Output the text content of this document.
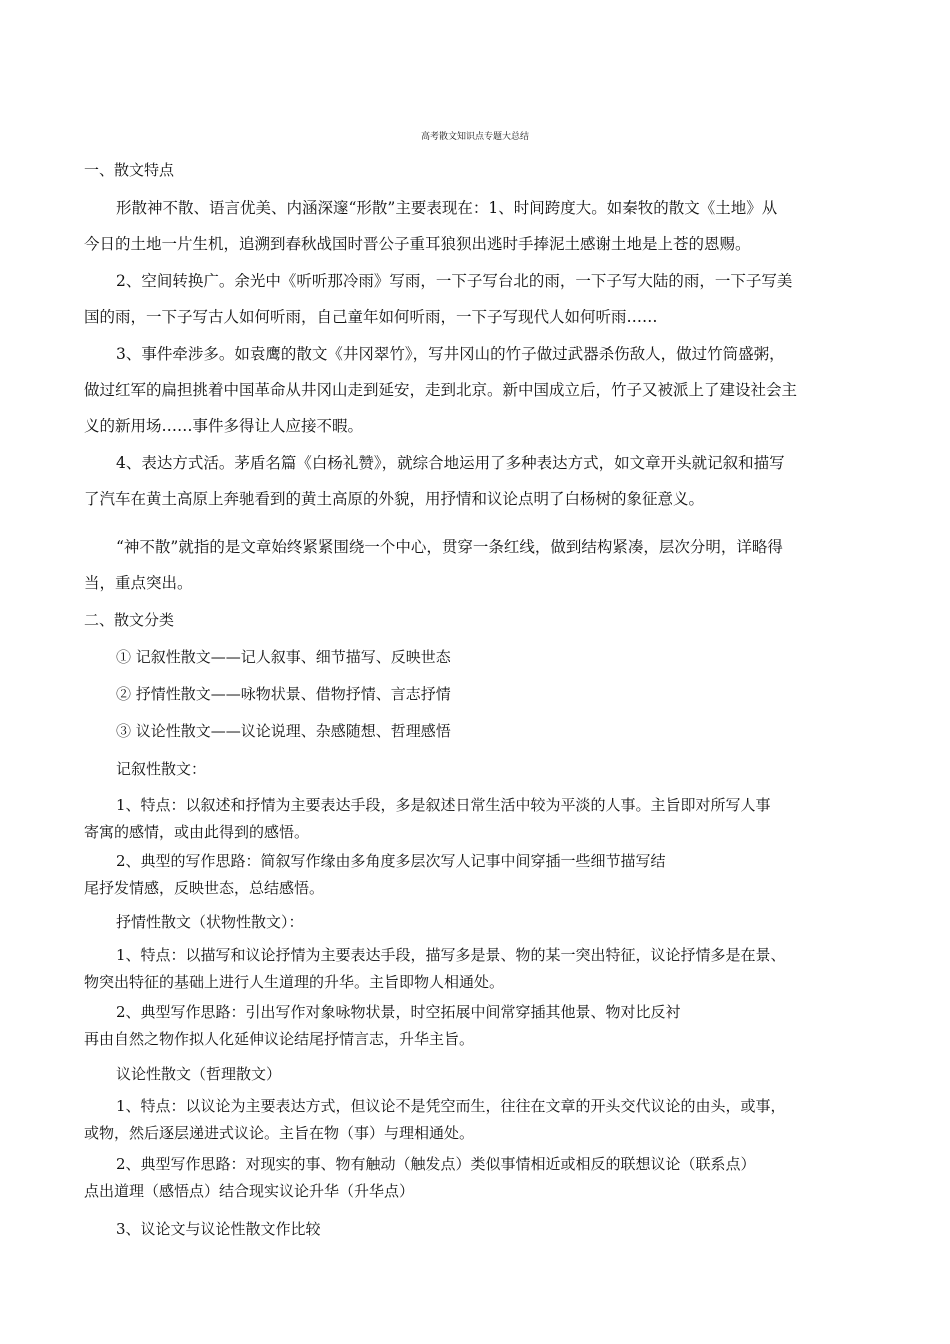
高考散文知识点专题大总结

一、散文特点

形散神不散、语言优美、内涵深邃“形散”主要表现在：1、时间跨度大。如秦牧的散文《土地》从

今日的土地一片生机，追溯到春秋战国时晋公子重耳狼狈出逃时手捧泥土感谢土地是上苍的恩赐。

2、空间转换广。余光中《听听那冷雨》写雨，一下子写台北的雨，一下子写大陆的雨，一下子写美

国的雨，一下子写古人如何听雨，自己童年如何听雨，一下子写现代人如何听雨……

3、事件牵涉多。如袁鹰的散文《井冈翠竹》，写井冈山的竹子做过武器杀伤敌人，做过竹筒盛粥，

做过红军的扁担挑着中国革命从井冈山走到延安，走到北京。新中国成立后，竹子又被派上了建设社会主

义的新用场……事件多得让人应接不暇。

4、表达方式活。茅盾名篇《白杨礼赞》，就综合地运用了多种表达方式，如文章开头就记叙和描写

了汽车在黄土高原上奔驰看到的黄土高原的外貌，用抒情和议论点明了白杨树的象征意义。

“神不散”就指的是文章始终紧紧围绕一个中心，贯穿一条红线，做到结构紧凑，层次分明，详略得

当，重点突出。

二、散文分类

① 记叙性散文——记人叙事、细节描写、反映世态

② 抒情性散文——咏物状景、借物抒情、言志抒情

③ 议论性散文——议论说理、杂感随想、哲理感悟

记叙性散文：

1、特点：以叙述和抒情为主要表达手段，多是叙述日常生活中较为平淡的人事。主旨即对所写人事

寄寓的感情，或由此得到的感悟。

2、典型的写作思路：简叙写作缘由多角度多层次写人记事中间穿插一些细节描写结

尾抒发情感，反映世态，总结感悟。

抒情性散文（状物性散文）：

1、特点：以描写和议论抒情为主要表达手段，描写多是景、物的某一突出特征，议论抒情多是在景、

物突出特征的基础上进行人生道理的升华。主旨即物人相通处。

2、典型写作思路：引出写作对象咏物状景，时空拓展中间常穿插其他景、物对比反衬

再由自然之物作拟人化延伸议论结尾抒情言志，升华主旨。

议论性散文（哲理散文）

1、特点：以议论为主要表达方式，但议论不是凭空而生，往往在文章的开头交代议论的由头，或事，

或物，然后逐层递进式议论。主旨在物（事）与理相通处。

2、典型写作思路：对现实的事、物有触动（触发点）类似事情相近或相反的联想议论（联系点）

点出道理（感悟点）结合现实议论升华（升华点）

3、议论文与议论性散文作比较
